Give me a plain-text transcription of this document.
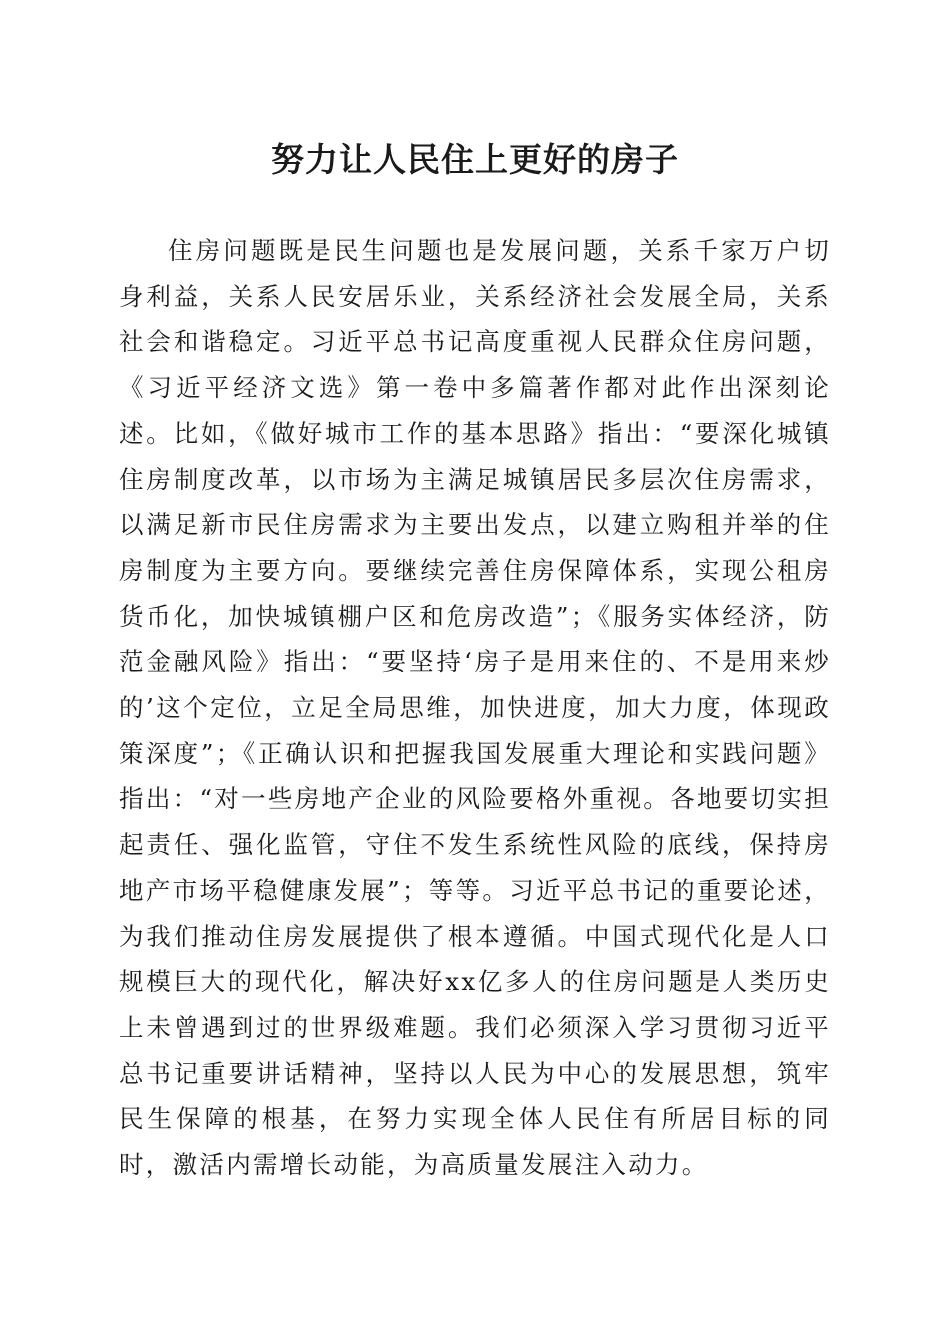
努力让人民住上更好的房子

住房问题既是民生问题也是发展问题，关系千家万户切身利益，关系人民安居乐业，关系经济社会发展全局，关系社会和谐稳定。习近平总书记高度重视人民群众住房问题，《习近平经济文选》第一卷中多篇著作都对此作出深刻论述。比如，《做好城市工作的基本思路》指出：“要深化城镇住房制度改革，以市场为主满足城镇居民多层次住房需求，以满足新市民住房需求为主要出发点，以建立购租并举的住房制度为主要方向。要继续完善住房保障体系，实现公租房货币化，加快城镇棚户区和危房改造”；《服务实体经济，防范金融风险》指出：“要坚持‘房子是用来住的、不是用来炒的’这个定位，立足全局思维，加快进度，加大力度，体现政策深度”；《正确认识和把握我国发展重大理论和实践问题》指出：“对一些房地产企业的风险要格外重视。各地要切实担起责任、强化监管，守住不发生系统性风险的底线，保持房地产市场平稳健康发展”；等等。习近平总书记的重要论述，为我们推动住房发展提供了根本遵循。中国式现代化是人口规模巨大的现代化，解决好xx亿多人的住房问题是人类历史上未曾遇到过的世界级难题。我们必须深入学习贯彻习近平总书记重要讲话精神，坚持以人民为中心的发展思想，筑牢民生保障的根基，在努力实现全体人民住有所居目标的同时，激活内需增长动能，为高质量发展注入动力。
